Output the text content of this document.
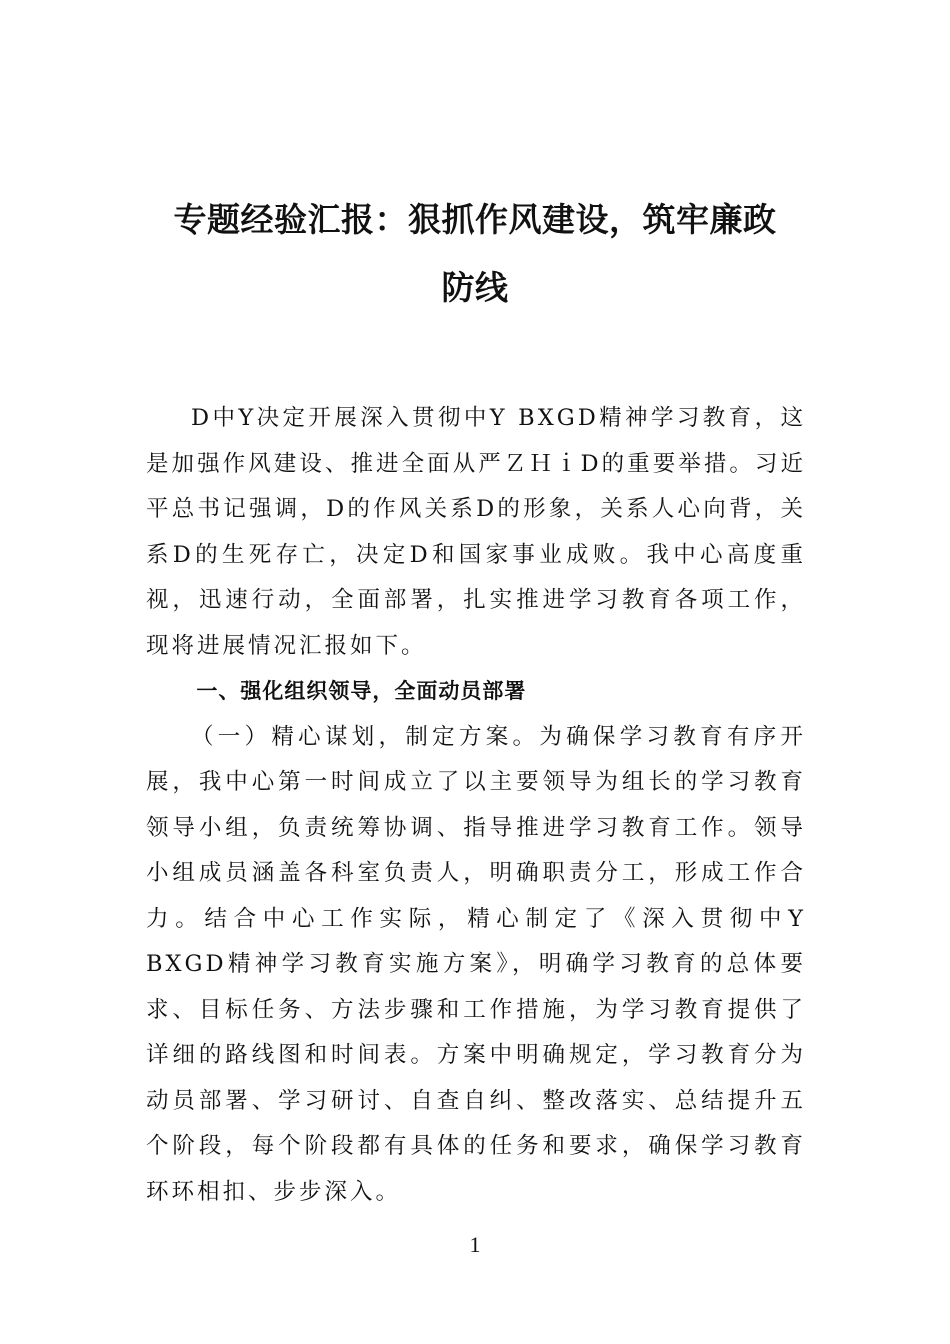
专题经验汇报：狠抓作风建设，筑牢廉政
防线

D中Y决定开展深入贯彻中Y BXGD精神学习教育，这是加强作风建设、推进全面从严ＺＨｉD的重要举措。习近平总书记强调，D的作风关系D的形象，关系人心向背，关系D的生死存亡，决定D和国家事业成败。我中心高度重视，迅速行动，全面部署，扎实推进学习教育各项工作，现将进展情况汇报如下。

一、强化组织领导，全面动员部署

（一）精心谋划，制定方案。为确保学习教育有序开展，我中心第一时间成立了以主要领导为组长的学习教育领导小组，负责统筹协调、指导推进学习教育工作。领导小组成员涵盖各科室负责人，明确职责分工，形成工作合力。结合中心工作实际，精心制定了《深入贯彻中Y BXGD精神学习教育实施方案》，明确学习教育的总体要求、目标任务、方法步骤和工作措施，为学习教育提供了详细的路线图和时间表。方案中明确规定，学习教育分为动员部署、学习研讨、自查自纠、整改落实、总结提升五个阶段，每个阶段都有具体的任务和要求，确保学习教育环环相扣、步步深入。

1
